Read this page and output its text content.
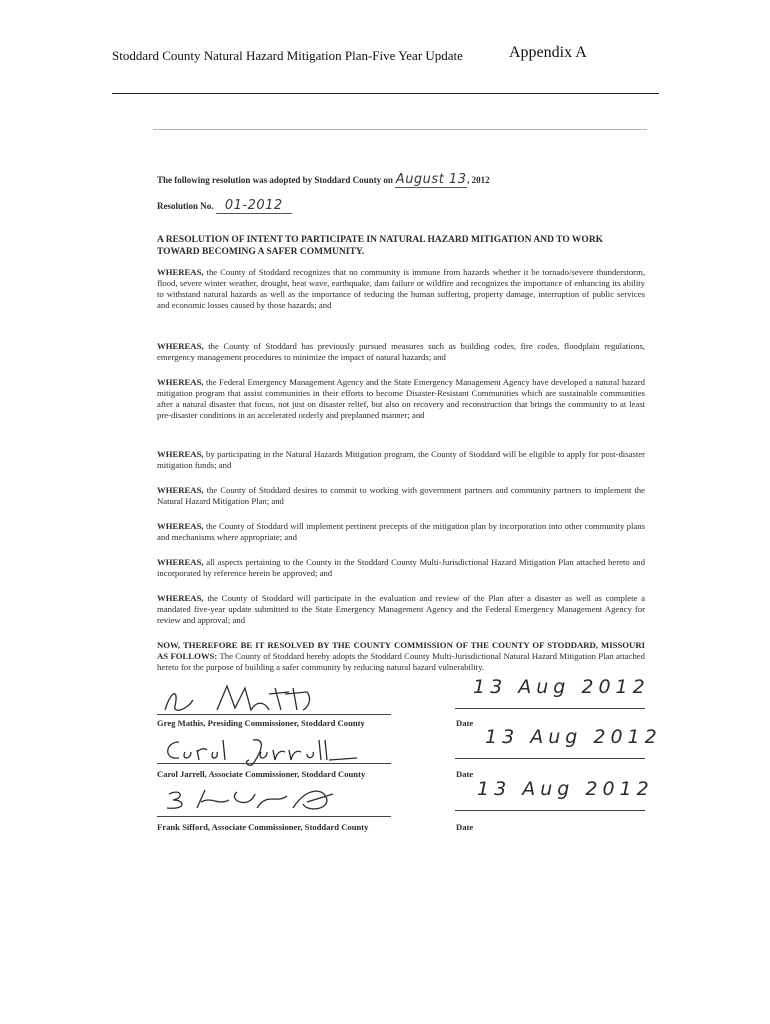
Stoddard County Natural Hazard Mitigation Plan-Five Year Update	Appendix A
The following resolution was adopted by Stoddard County on August 13, 2012
Resolution No. 01-2012
A RESOLUTION OF INTENT TO PARTICIPATE IN NATURAL HAZARD MITIGATION AND TO WORK TOWARD BECOMING A SAFER COMMUNITY.
WHEREAS, the County of Stoddard recognizes that no community is immune from hazards whether it be tornado/severe thunderstorm, flood, severe winter weather, drought, heat wave, earthquake, dam failure or wildfire and recognizes the importance of enhancing its ability to withstand natural hazards as well as the importance of reducing the human suffering, property damage, interruption of public services and economic losses caused by those hazards; and
WHEREAS, the County of Stoddard has previously pursued measures such as building codes, fire codes, floodplain regulations, emergency management procedures to minimize the impact of natural hazards; and
WHEREAS, the Federal Emergency Management Agency and the State Emergency Management Agency have developed a natural hazard mitigation program that assist communities in their efforts to become Disaster-Resistant Communities which are sustainable communities after a natural disaster that focus, not just on disaster relief, but also on recovery and reconstruction that brings the community to at least pre-disaster conditions in an accelerated orderly and preplanned manner; and
WHEREAS, by participating in the Natural Hazards Mitigation program, the County of Stoddard will be eligible to apply for post-disaster mitigation funds; and
WHEREAS, the County of Stoddard desires to commit to working with government partners and community partners to implement the Natural Hazard Mitigation Plan; and
WHEREAS, the County of Stoddard will implement pertinent precepts of the mitigation plan by incorporation into other community plans and mechanisms where appropriate; and
WHEREAS, all aspects pertaining to the County in the Stoddard County Multi-Jurisdictional Hazard Mitigation Plan attached hereto and incorporated by reference herein be approved; and
WHEREAS, the County of Stoddard will participate in the evaluation and review of the Plan after a disaster as well as complete a mandated five-year update submitted to the State Emergency Management Agency and the Federal Emergency Management Agency for review and approval; and
NOW, THEREFORE BE IT RESOLVED BY THE COUNTY COMMISSION OF THE COUNTY OF STODDARD, MISSOURI AS FOLLOWS: The County of Stoddard hereby adopts the Stoddard County Multi-Jurisdictional Natural Hazard Mitigation Plan attached hereto for the purpose of building a safer community by reducing natural hazard vulnerability.
Greg Mathis, Presiding Commissioner, Stoddard County
13 Aug 2012
Date
Carol Jarrell, Associate Commissioner, Stoddard County
13 Aug 2012
Date
Frank Sifford, Associate Commissioner, Stoddard County
13 Aug 2012
Date
